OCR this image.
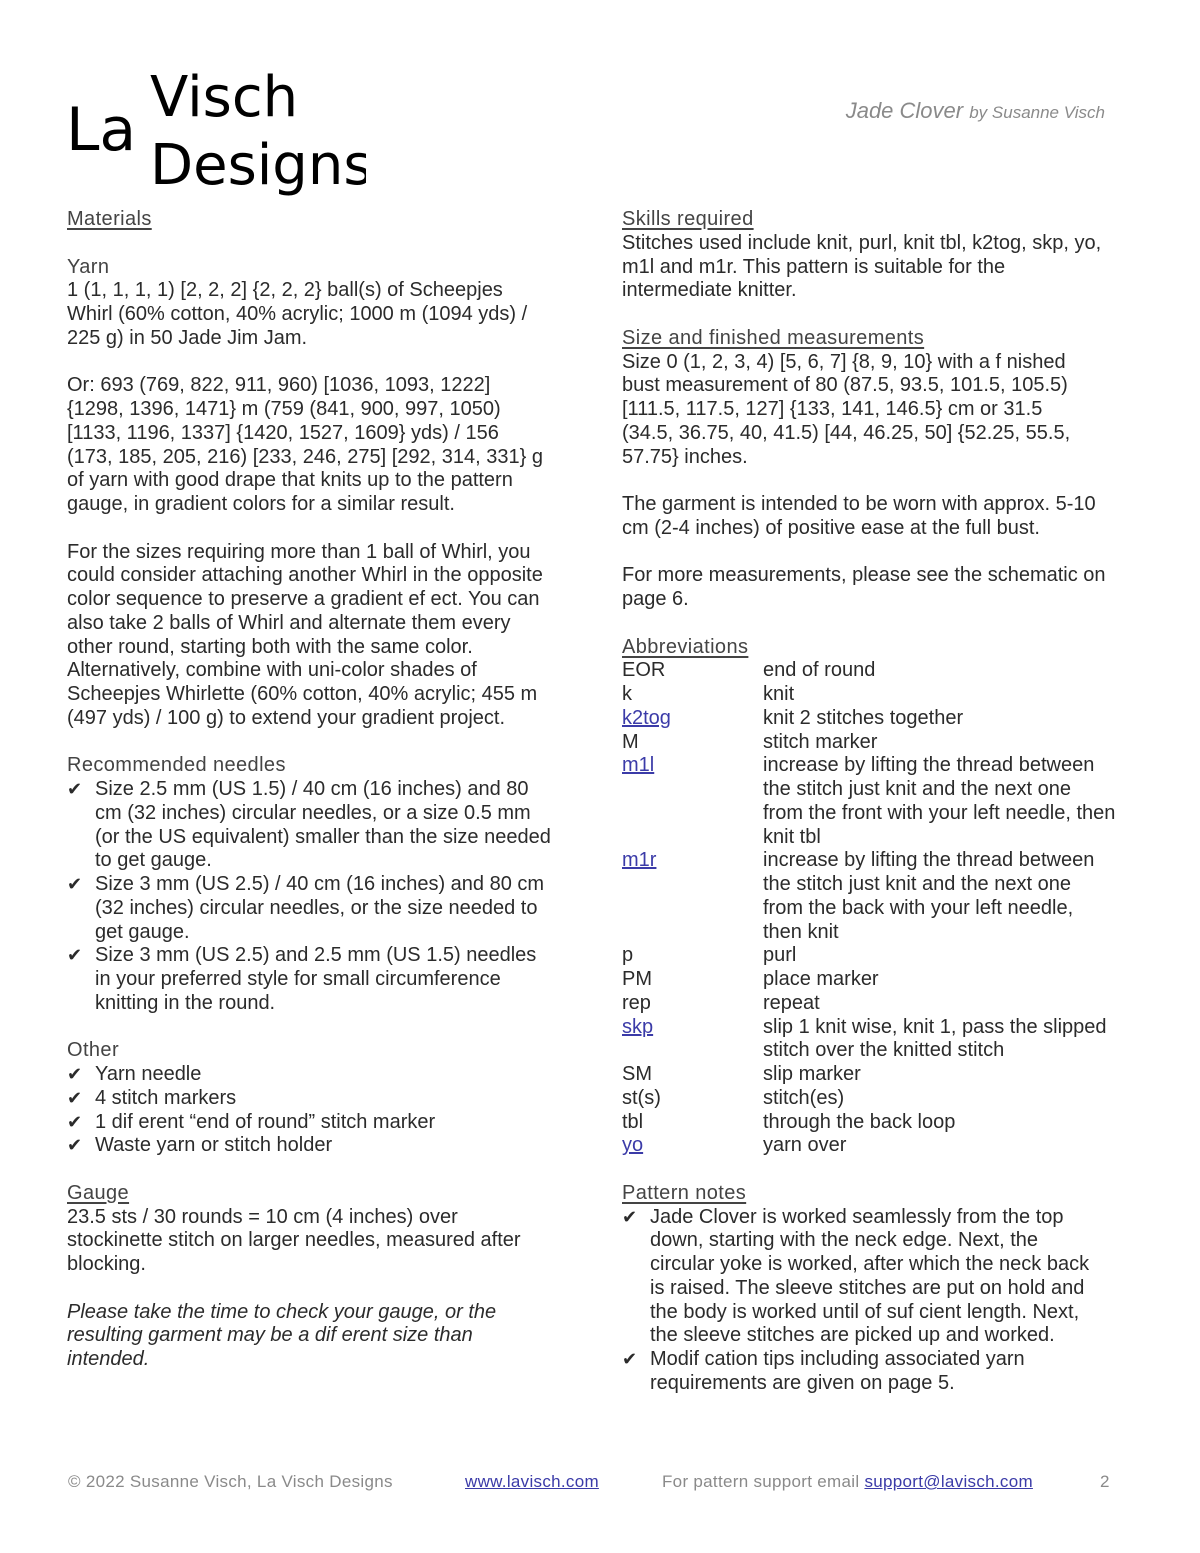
La Visch
Designs
Jade Clover by Susanne Visch
Materials
Yarn
1 (1, 1, 1, 1) [2, 2, 2] {2, 2, 2} ball(s) of Scheepjes
Whirl (60% cotton, 40% acrylic; 1000 m (1094 yds) /
225 g) in 50 Jade Jim Jam.
Or: 693 (769, 822, 911, 960) [1036, 1093, 1222]
{1298, 1396, 1471} m (759 (841, 900, 997, 1050)
[1133, 1196, 1337] {1420, 1527, 1609} yds) / 156
(173, 185, 205, 216) [233, 246, 275] [292, 314, 331} g
of yarn with good drape that knits up to the pattern
gauge, in gradient colors for a similar result.
For the sizes requiring more than 1 ball of Whirl, you
could consider attaching another Whirl in the opposite
color sequence to preserve a gradient ef ect. You can
also take 2 balls of Whirl and alternate them every
other round, starting both with the same color.
Alternatively, combine with uni-color shades of
Scheepjes Whirlette (60% cotton, 40% acrylic; 455 m
(497 yds) / 100 g) to extend your gradient project.
Recommended needles
✔ Size 2.5 mm (US 1.5) / 40 cm (16 inches) and 80
cm (32 inches) circular needles, or a size 0.5 mm
(or the US equivalent) smaller than the size needed
to get gauge.
✔ Size 3 mm (US 2.5) / 40 cm (16 inches) and 80 cm
(32 inches) circular needles, or the size needed to
get gauge.
✔ Size 3 mm (US 2.5) and 2.5 mm (US 1.5) needles
in your preferred style for small circumference
knitting in the round.
Other
✔ Yarn needle
✔ 4 stitch markers
✔ 1 dif erent “end of round” stitch marker
✔ Waste yarn or stitch holder
Gauge
23.5 sts / 30 rounds = 10 cm (4 inches) over
stockinette stitch on larger needles, measured after
blocking.
Please take the time to check your gauge, or the
resulting garment may be a dif erent size than
intended.
Skills required
Stitches used include knit, purl, knit tbl, k2tog, skp, yo,
m1l and m1r. This pattern is suitable for the
intermediate knitter.
Size and finished measurements
Size 0 (1, 2, 3, 4) [5, 6, 7] {8, 9, 10} with a f nished
bust measurement of 80 (87.5, 93.5, 101.5, 105.5)
[111.5, 117.5, 127] {133, 141, 146.5} cm or 31.5
(34.5, 36.75, 40, 41.5) [44, 46.25, 50] {52.25, 55.5,
57.75} inches.
The garment is intended to be worn with approx. 5-10
cm (2-4 inches) of positive ease at the full bust.
For more measurements, please see the schematic on
page 6.
Abbreviations
EOR	end of round
k	knit
k2tog	knit 2 stitches together
M	stitch marker
m1l	increase by lifting the thread between
the stitch just knit and the next one
from the front with your left needle, then
knit tbl
m1r	increase by lifting the thread between
the stitch just knit and the next one
from the back with your left needle,
then knit
p	purl
PM	place marker
rep	repeat
skp	slip 1 knit wise, knit 1, pass the slipped
stitch over the knitted stitch
SM	slip marker
st(s)	stitch(es)
tbl	through the back loop
yo	yarn over
Pattern notes
✔ Jade Clover is worked seamlessly from the top
down, starting with the neck edge. Next, the
circular yoke is worked, after which the neck back
is raised. The sleeve stitches are put on hold and
the body is worked until of suf cient length. Next,
the sleeve stitches are picked up and worked.
✔ Modif cation tips including associated yarn
requirements are given on page 5.
© 2022 Susanne Visch, La Visch Designs	www.lavisch.com	For pattern support email support@lavisch.com	2
